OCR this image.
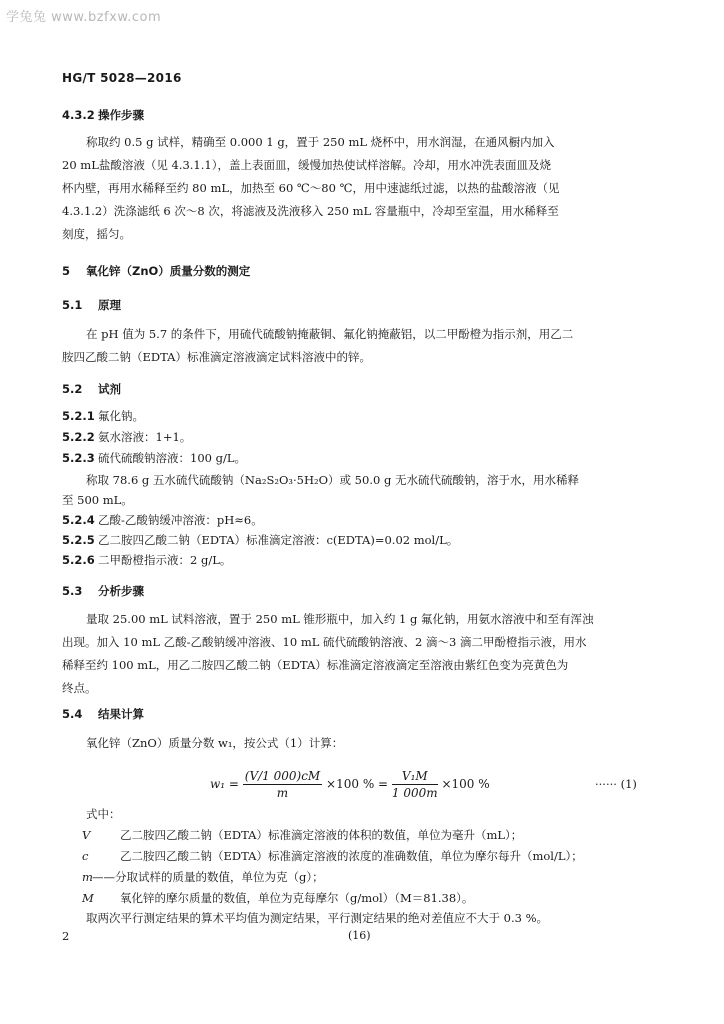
学兔兔 www.bzfxw.com
HG/T 5028—2016
4.3.2 操作步骤
称取约 0.5 g 试样，精确至 0.000 1 g，置于 250 mL 烧杯中，用水润湿，在通风橱内加入
20 mL盐酸溶液（见 4.3.1.1），盖上表面皿，缓慢加热使试样溶解。冷却，用水冲洗表面皿及烧
杯内壁，再用水稀释至约 80 mL，加热至 60 ℃～80 ℃，用中速滤纸过滤，以热的盐酸溶液（见
4.3.1.2）洗涤滤纸 6 次～8 次，将滤液及洗液移入 250 mL 容量瓶中，冷却至室温，用水稀释至
刻度，摇匀。
5 氧化锌（ZnO）质量分数的测定
5.1 原理
在 pH 值为 5.7 的条件下，用硫代硫酸钠掩蔽铜、氟化钠掩蔽铝，以二甲酚橙为指示剂，用乙二
胺四乙酸二钠（EDTA）标准滴定溶液滴定试料溶液中的锌。
5.2 试剂
5.2.1 氟化钠。
5.2.2 氨水溶液：1+1。
5.2.3 硫代硫酸钠溶液：100 g/L。
称取 78.6 g 五水硫代硫酸钠（Na₂S₂O₃·5H₂O）或 50.0 g 无水硫代硫酸钠，溶于水，用水稀释
至 500 mL。
5.2.4 乙酸-乙酸钠缓冲溶液：pH≈6。
5.2.5 乙二胺四乙酸二钠（EDTA）标准滴定溶液：c(EDTA)=0.02 mol/L。
5.2.6 二甲酚橙指示液：2 g/L。
5.3 分析步骤
量取 25.00 mL 试料溶液，置于 250 mL 锥形瓶中，加入约 1 g 氟化钠，用氨水溶液中和至有浑浊
出现。加入 10 mL 乙酸-乙酸钠缓冲溶液、10 mL 硫代硫酸钠溶液、2 滴～3 滴二甲酚橙指示液，用水
稀释至约 100 mL，用乙二胺四乙酸二钠（EDTA）标准滴定溶液滴定至溶液由紫红色变为亮黄色为
终点。
5.4 结果计算
氧化锌（ZnO）质量分数 w₁，按公式（1）计算：
$w_1 = \frac{(V/1 000)cM}{m} \times 100$ % = $\frac{\text{V₁M}}{1 000m} \times 100$ %	······ (1)
式中：
V	乙二胺四乙酸二钠（EDTA）标准滴定溶液的体积的数值，单位为毫升（mL）；
c	乙二胺四乙酸二钠（EDTA）标准滴定溶液的浓度的准确数值，单位为摩尔每升（mol/L）；
m——分取试样的质量的数值，单位为克（g）；
M 氧化锌的摩尔质量的数值，单位为克每摩尔（g/mol）（M＝81.38）。
取两次平行测定结果的算术平均值为测定结果，平行测定结果的绝对差值应不大于 0.3 %。
2	(16)
